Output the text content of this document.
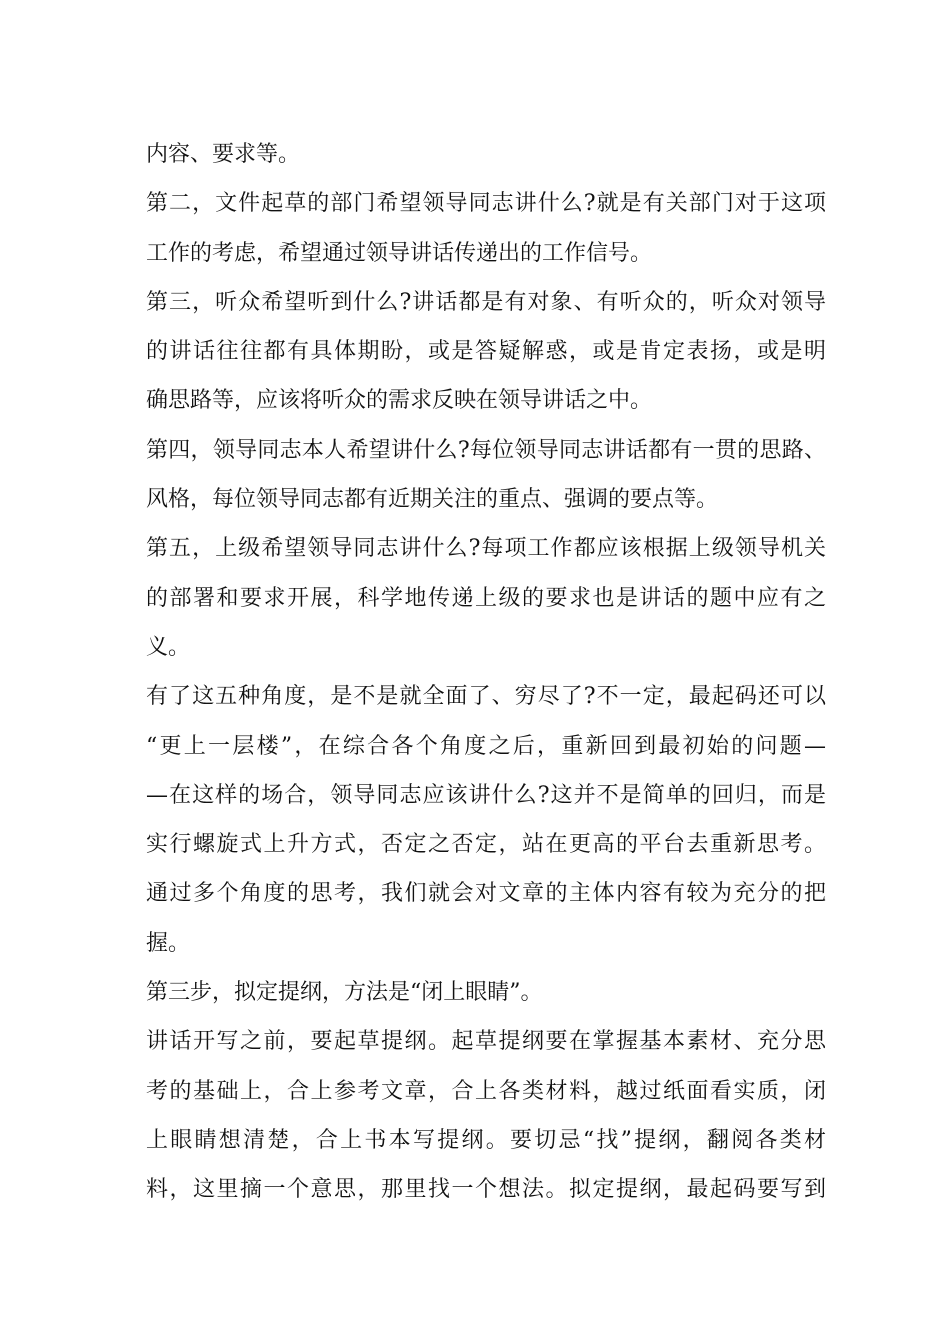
内容、要求等。
第二，文件起草的部门希望领导同志讲什么?就是有关部门对于这项
工作的考虑，希望通过领导讲话传递出的工作信号。
第三，听众希望听到什么?讲话都是有对象、有听众的，听众对领导
的讲话往往都有具体期盼，或是答疑解惑，或是肯定表扬，或是明
确思路等，应该将听众的需求反映在领导讲话之中。
第四，领导同志本人希望讲什么?每位领导同志讲话都有一贯的思路、
风格，每位领导同志都有近期关注的重点、强调的要点等。
第五，上级希望领导同志讲什么?每项工作都应该根据上级领导机关
的部署和要求开展，科学地传递上级的要求也是讲话的题中应有之
义。
有了这五种角度，是不是就全面了、穷尽了?不一定，最起码还可以
“更上一层楼”，在综合各个角度之后，重新回到最初始的问题—
—在这样的场合，领导同志应该讲什么?这并不是简单的回归，而是
实行螺旋式上升方式，否定之否定，站在更高的平台去重新思考。
通过多个角度的思考，我们就会对文章的主体内容有较为充分的把
握。
第三步，拟定提纲，方法是“闭上眼睛”。
讲话开写之前，要起草提纲。起草提纲要在掌握基本素材、充分思
考的基础上，合上参考文章，合上各类材料，越过纸面看实质，闭
上眼睛想清楚，合上书本写提纲。要切忌“找”提纲，翻阅各类材
料，这里摘一个意思，那里找一个想法。拟定提纲，最起码要写到
